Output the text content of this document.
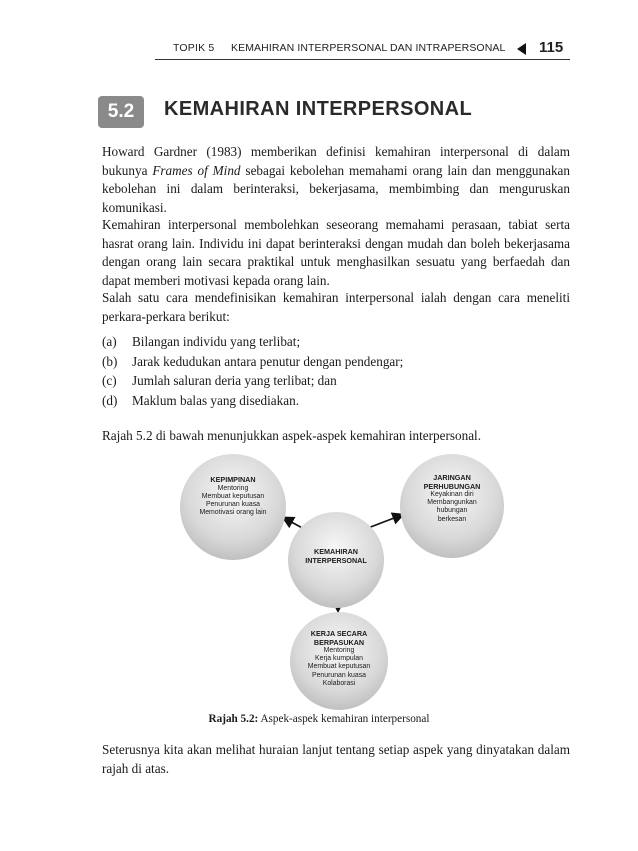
TOPIK 5 KEMAHIRAN INTERPERSONAL DAN INTRAPERSONAL 115
5.2	KEMAHIRAN INTERPERSONAL

Howard Gardner (1983) memberikan definisi kemahiran interpersonal di dalam bukunya Frames of Mind sebagai kebolehan memahami orang lain dan menggunakan kebolehan ini dalam berinteraksi, bekerjasama, membimbing dan menguruskan komunikasi.

Kemahiran interpersonal membolehkan seseorang memahami perasaan, tabiat serta hasrat orang lain. Individu ini dapat berinteraksi dengan mudah dan boleh bekerjasama dengan orang lain secara praktikal untuk menghasilkan sesuatu yang berfaedah dan dapat memberi motivasi kepada orang lain.

Salah satu cara mendefinisikan kemahiran interpersonal ialah dengan cara meneliti perkara-perkara berikut:

(a) Bilangan individu yang terlibat;
(b) Jarak kedudukan antara penutur dengan pendengar;
(c) Jumlah saluran deria yang terlibat; dan
(d) Maklum balas yang disediakan.

Rajah 5.2 di bawah menunjukkan aspek-aspek kemahiran interpersonal.

KEPIMPINAN
Mentoring
Membuat keputusan
Penurunan kuasa
Memotivasi orang lain
JARINGAN
PERHUBUNGAN
Keyakinan diri
Membangunkan
hubungan
berkesan
KEMAHIRAN
INTERPERSONAL
KERJA SECARA
BERPASUKAN
Mentoring
Kerja kumpulan
Membuat keputusan
Penurunan kuasa
Kolaborasi
Rajah 5.2: Aspek-aspek kemahiran interpersonal

Seterusnya kita akan melihat huraian lanjut tentang setiap aspek yang dinyatakan dalam rajah di atas.
